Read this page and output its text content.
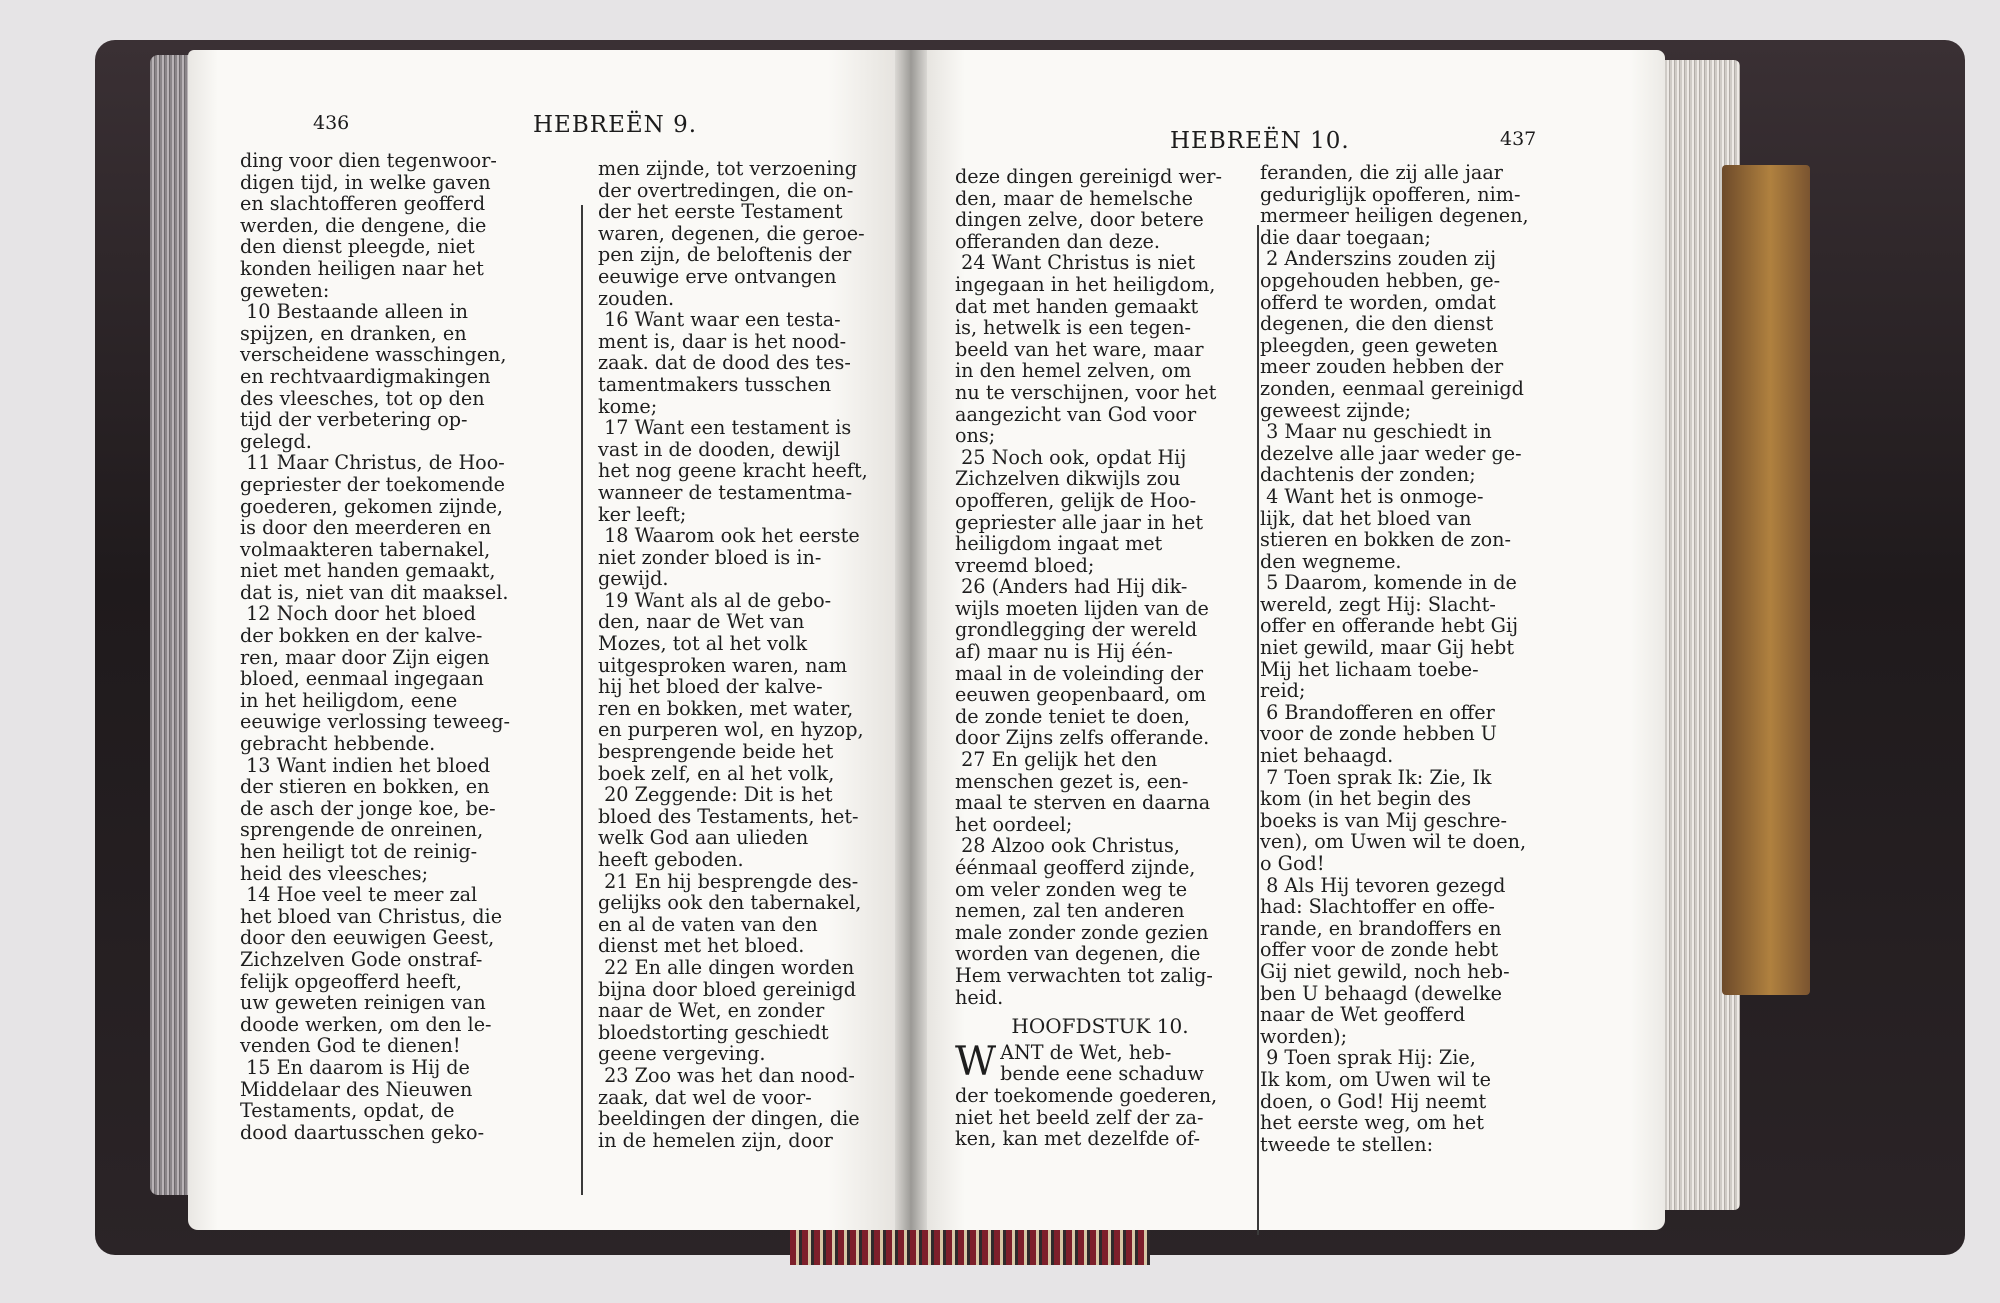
436	HEBREËN 9.
ding voor dien tegenwoor-
digen tijd, in welke gaven
en slachtofferen geofferd
werden, die dengene, die
den dienst pleegde, niet
konden heiligen naar het
geweten:
10 Bestaande alleen in
spijzen, en dranken, en
verscheidene wasschingen,
en rechtvaardigmakingen
des vleesches, tot op den
tijd der verbetering op-
gelegd.
11 Maar Christus, de Hoo-
gepriester der toekomende
goederen, gekomen zijnde,
is door den meerderen en
volmaakteren tabernakel,
niet met handen gemaakt,
dat is, niet van dit maaksel.
12 Noch door het bloed
der bokken en der kalve-
ren, maar door Zijn eigen
bloed, eenmaal ingegaan
in het heiligdom, eene
eeuwige verlossing teweeg-
gebracht hebbende.
13 Want indien het bloed
der stieren en bokken, en
de asch der jonge koe, be-
sprengende de onreinen,
hen heiligt tot de reinig-
heid des vleesches;
14 Hoe veel te meer zal
het bloed van Christus, die
door den eeuwigen Geest,
Zichzelven Gode onstraf-
felijk opgeofferd heeft,
uw geweten reinigen van
doode werken, om den le-
venden God te dienen!
15 En daarom is Hij de
Middelaar des Nieuwen
Testaments, opdat, de
dood daartusschen geko-
men zijnde, tot verzoening
der overtredingen, die on-
der het eerste Testament
waren, degenen, die geroe-
pen zijn, de beloftenis der
eeuwige erve ontvangen
zouden.
16 Want waar een testa-
ment is, daar is het nood-
zaak. dat de dood des tes-
tamentmakers tusschen
kome;
17 Want een testament is
vast in de dooden, dewijl
het nog geene kracht heeft,
wanneer de testamentma-
ker leeft;
18 Waarom ook het eerste
niet zonder bloed is in-
gewijd.
19 Want als al de gebo-
den, naar de Wet van
Mozes, tot al het volk
uitgesproken waren, nam
hij het bloed der kalve-
ren en bokken, met water,
en purperen wol, en hyzop,
besprengende beide het
boek zelf, en al het volk,
20 Zeggende: Dit is het
bloed des Testaments, het-
welk God aan ulieden
heeft geboden.
21 En hij besprengde des-
gelijks ook den tabernakel,
en al de vaten van den
dienst met het bloed.
22 En alle dingen worden
bijna door bloed gereinigd
naar de Wet, en zonder
bloedstorting geschiedt
geene vergeving.
23 Zoo was het dan nood-
zaak, dat wel de voor-
beeldingen der dingen, die
in de hemelen zijn, door
HEBREËN 10.	437
deze dingen gereinigd wer-
den, maar de hemelsche
dingen zelve, door betere
offeranden dan deze.
24 Want Christus is niet
ingegaan in het heiligdom,
dat met handen gemaakt
is, hetwelk is een tegen-
beeld van het ware, maar
in den hemel zelven, om
nu te verschijnen, voor het
aangezicht van God voor
ons;
25 Noch ook, opdat Hij
Zichzelven dikwijls zou
opofferen, gelijk de Hoo-
gepriester alle jaar in het
heiligdom ingaat met
vreemd bloed;
26 (Anders had Hij dik-
wijls moeten lijden van de
grondlegging der wereld
af) maar nu is Hij één-
maal in de voleinding der
eeuwen geopenbaard, om
de zonde teniet te doen,
door Zijns zelfs offerande.
27 En gelijk het den
menschen gezet is, een-
maal te sterven en daarna
het oordeel;
28 Alzoo ook Christus,
éénmaal geofferd zijnde,
om veler zonden weg te
nemen, zal ten anderen
male zonder zonde gezien
worden van degenen, die
Hem verwachten tot zalig-
heid.
HOOFDSTUK 10.
W ANT de Wet, heb-
bende eene schaduw
der toekomende goederen,
niet het beeld zelf der za-
ken, kan met dezelfde of-
feranden, die zij alle jaar
geduriglijk opofferen, nim-
mermeer heiligen degenen,
die daar toegaan;
2 Anderszins zouden zij
opgehouden hebben, ge-
offerd te worden, omdat
degenen, die den dienst
pleegden, geen geweten
meer zouden hebben der
zonden, eenmaal gereinigd
geweest zijnde;
3 Maar nu geschiedt in
dezelve alle jaar weder ge-
dachtenis der zonden;
4 Want het is onmoge-
lijk, dat het bloed van
stieren en bokken de zon-
den wegneme.
5 Daarom, komende in de
wereld, zegt Hij: Slacht-
offer en offerande hebt Gij
niet gewild, maar Gij hebt
Mij het lichaam toebe-
reid;
6 Brandofferen en offer
voor de zonde hebben U
niet behaagd.
7 Toen sprak Ik: Zie, Ik
kom (in het begin des
boeks is van Mij geschre-
ven), om Uwen wil te doen,
o God!
8 Als Hij tevoren gezegd
had: Slachtoffer en offe-
rande, en brandoffers en
offer voor de zonde hebt
Gij niet gewild, noch heb-
ben U behaagd (dewelke
naar de Wet geofferd
worden);
9 Toen sprak Hij: Zie,
Ik kom, om Uwen wil te
doen, o God! Hij neemt
het eerste weg, om het
tweede te stellen:
